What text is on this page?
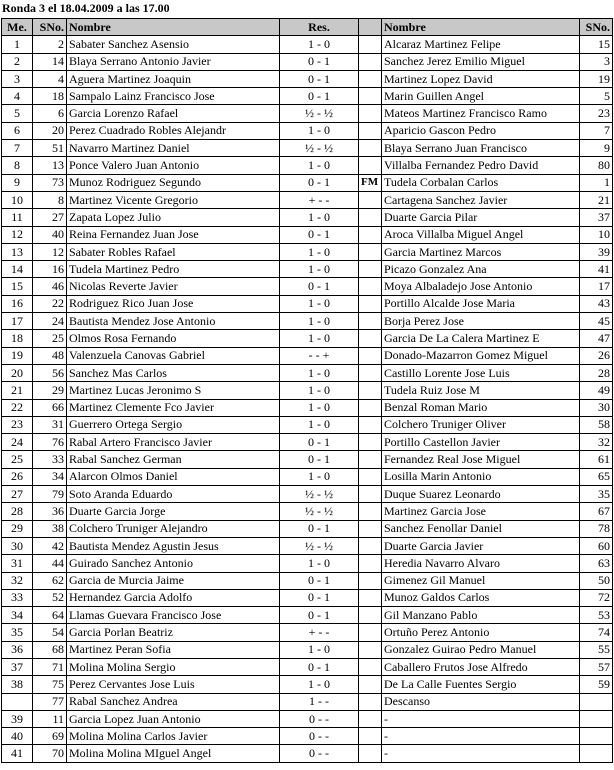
Ronda 3 el 18.04.2009 a las 17.00
Me.	SNo.	Nombre	Res.		Nombre	SNo.
1	2	Sabater Sanchez Asensio	1 - 0		Alcaraz Martinez Felipe	15
2	14	Blaya Serrano Antonio Javier	0 - 1		Sanchez Jerez Emilio Miguel	3
3	4	Aguera Martinez Joaquin	0 - 1		Martinez Lopez David	19
4	18	Sampalo Lainz Francisco Jose	0 - 1		Marin Guillen Angel	5
5	6	Garcia Lorenzo Rafael	½ - ½		Mateos Martinez Francisco Ramo	23
6	20	Perez Cuadrado Robles Alejandr	1 - 0		Aparicio Gascon Pedro	7
7	51	Navarro Martinez Daniel	½ - ½		Blaya Serrano Juan Francisco	9
8	13	Ponce Valero Juan Antonio	1 - 0		Villalba Fernandez Pedro David	80
9	73	Munoz Rodriguez Segundo	0 - 1	FM	Tudela Corbalan Carlos	1
10	8	Martinez Vicente Gregorio	+ - -		Cartagena Sanchez Javier	21
11	27	Zapata Lopez Julio	1 - 0		Duarte Garcia Pilar	37
12	40	Reina Fernandez Juan Jose	0 - 1		Aroca Villalba Miguel Angel	10
13	12	Sabater Robles Rafael	1 - 0		Garcia Martinez Marcos	39
14	16	Tudela Martinez Pedro	1 - 0		Picazo Gonzalez Ana	41
15	46	Nicolas Reverte Javier	0 - 1		Moya Albaladejo Jose Antonio	17
16	22	Rodriguez Rico Juan Jose	1 - 0		Portillo Alcalde Jose Maria	43
17	24	Bautista Mendez Jose Antonio	1 - 0		Borja Perez Jose	45
18	25	Olmos Rosa Fernando	1 - 0		Garcia De La Calera Martinez E	47
19	48	Valenzuela Canovas Gabriel	- - +		Donado-Mazarron Gomez Miguel	26
20	56	Sanchez Mas Carlos	1 - 0		Castillo Lorente Jose Luis	28
21	29	Martinez Lucas Jeronimo S	1 - 0		Tudela Ruiz Jose M	49
22	66	Martinez Clemente Fco Javier	1 - 0		Benzal Roman Mario	30
23	31	Guerrero Ortega Sergio	1 - 0		Colchero Truniger Oliver	58
24	76	Rabal Artero Francisco Javier	0 - 1		Portillo Castellon Javier	32
25	33	Rabal Sanchez German	0 - 1		Fernandez Real Jose Miguel	61
26	34	Alarcon Olmos Daniel	1 - 0		Losilla Marin Antonio	65
27	79	Soto Aranda Eduardo	½ - ½		Duque Suarez Leonardo	35
28	36	Duarte Garcia Jorge	½ - ½		Martinez Garcia Jose	67
29	38	Colchero Truniger Alejandro	0 - 1		Sanchez Fenollar Daniel	78
30	42	Bautista Mendez Agustin Jesus	½ - ½		Duarte Garcia Javier	60
31	44	Guirado Sanchez Antonio	1 - 0		Heredia Navarro Alvaro	63
32	62	Garcia de Murcia Jaime	0 - 1		Gimenez Gil Manuel	50
33	52	Hernandez Garcia Adolfo	0 - 1		Munoz Galdos Carlos	72
34	64	Llamas Guevara Francisco Jose	0 - 1		Gil Manzano Pablo	53
35	54	Garcia Porlan Beatriz	+ - -		Ortuño Perez Antonio	74
36	68	Martinez Peran Sofia	1 - 0		Gonzalez Guirao Pedro Manuel	55
37	71	Molina Molina Sergio	0 - 1		Caballero Frutos Jose Alfredo	57
38	75	Perez Cervantes Jose Luis	1 - 0		De La Calle Fuentes Sergio	59
	77	Rabal Sanchez Andrea	1 - -		Descanso	
39	11	Garcia Lopez Juan Antonio	0 - -		-	
40	69	Molina Molina Carlos Javier	0 - -		-	
41	70	Molina Molina MIguel Angel	0 - -		-	
